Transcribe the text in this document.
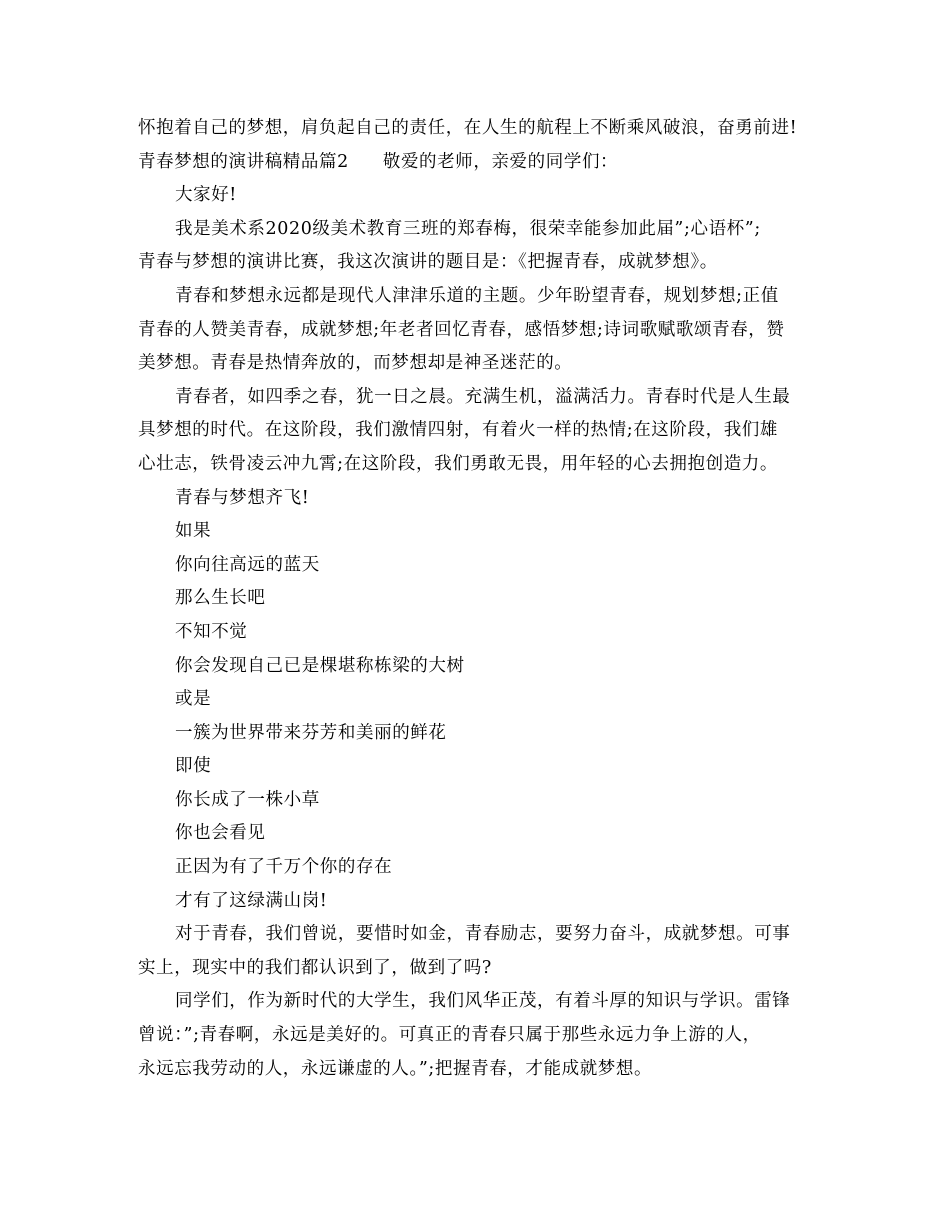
怀抱着自己的梦想，肩负起自己的责任，在人生的航程上不断乘风破浪，奋勇前进!
青春梦想的演讲稿精品篇2 敬爱的老师，亲爱的同学们：
大家好!
我是美术系2020级美术教育三班的郑春梅，很荣幸能参加此届”;心语杯”;
青春与梦想的演讲比赛，我这次演讲的题目是：《把握青春，成就梦想》。
青春和梦想永远都是现代人津津乐道的主题。少年盼望青春，规划梦想;正值
青春的人赞美青春，成就梦想;年老者回忆青春，感悟梦想;诗词歌赋歌颂青春，赞
美梦想。青春是热情奔放的，而梦想却是神圣迷茫的。
青春者，如四季之春，犹一日之晨。充满生机，溢满活力。青春时代是人生最
具梦想的时代。在这阶段，我们激情四射，有着火一样的热情;在这阶段，我们雄
心壮志，铁骨凌云冲九霄;在这阶段，我们勇敢无畏，用年轻的心去拥抱创造力。
青春与梦想齐飞!
如果
你向往高远的蓝天
那么生长吧
不知不觉
你会发现自己已是棵堪称栋梁的大树
或是
一簇为世界带来芬芳和美丽的鲜花
即使
你长成了一株小草
你也会看见
正因为有了千万个你的存在
才有了这绿满山岗!
对于青春，我们曾说，要惜时如金，青春励志，要努力奋斗，成就梦想。可事
实上，现实中的我们都认识到了，做到了吗?
同学们，作为新时代的大学生，我们风华正茂，有着斗厚的知识与学识。雷锋
曾说：”;青春啊，永远是美好的。可真正的青春只属于那些永远力争上游的人，
永远忘我劳动的人，永远谦虚的人。”;把握青春，才能成就梦想。
